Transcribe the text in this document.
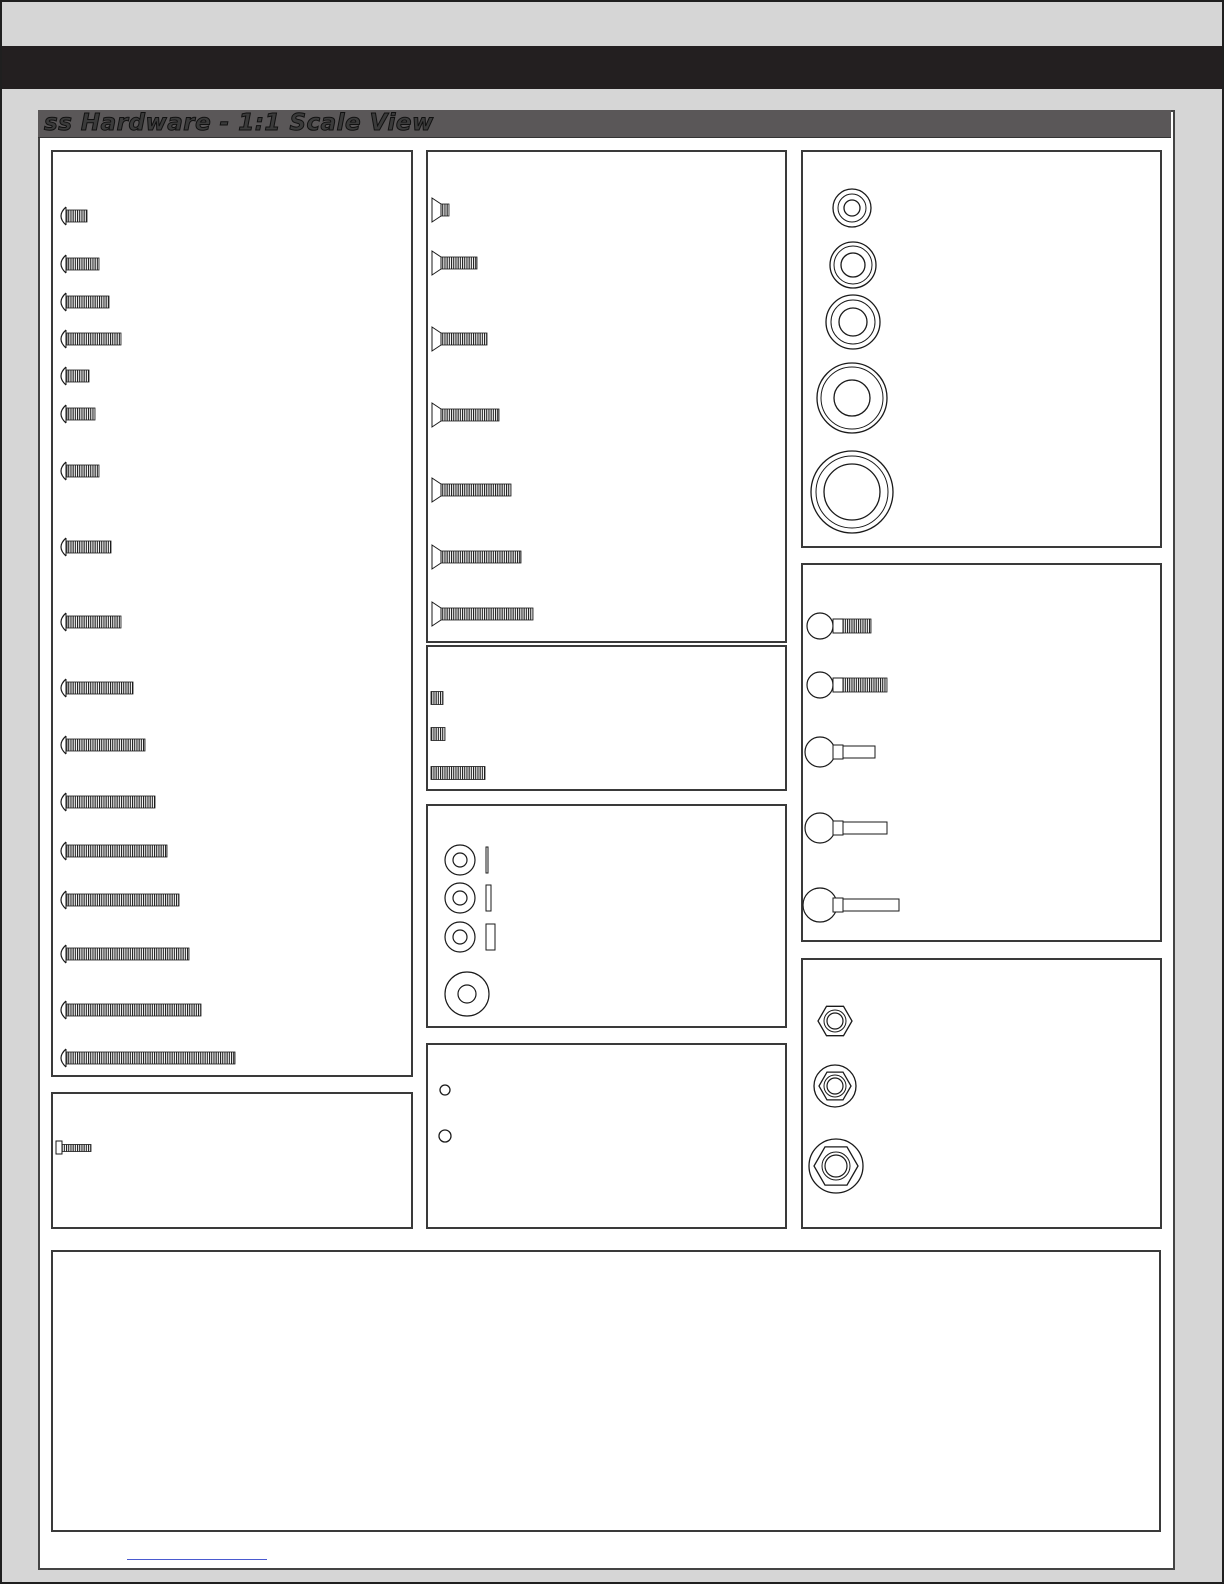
ss Hardware - 1:1 Scale View
